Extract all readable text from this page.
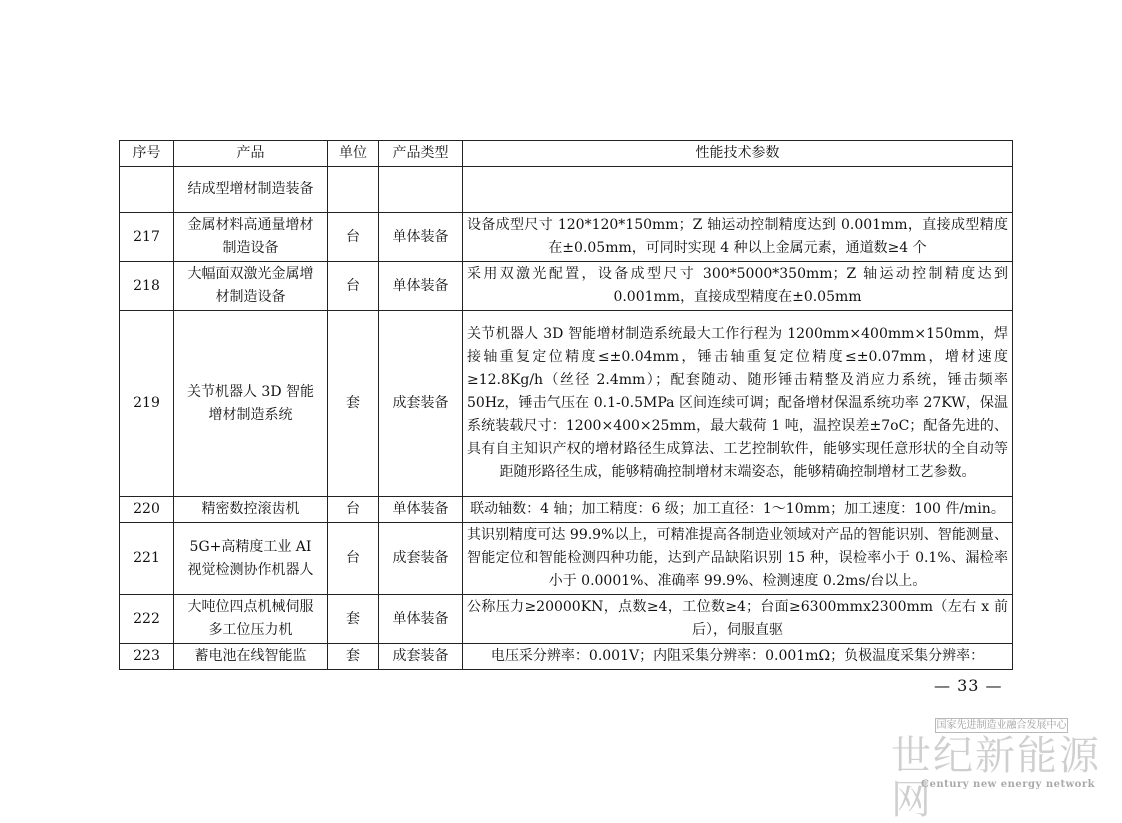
序号	产品	单位	产品类型	性能技术参数
	结成型增材制造装备			
217	金属材料高通量增材制造设备	台	单体装备	设备成型尺寸 120*120*150mm；Z 轴运动控制精度达到 0.001mm，直接成型精度在±0.05mm，可同时实现 4 种以上金属元素，通道数≥4 个
218	大幅面双激光金属增材制造设备	台	单体装备	采用双激光配置，设备成型尺寸 300*5000*350mm；Z 轴运动控制精度达到 0.001mm，直接成型精度在±0.05mm
219	关节机器人 3D 智能增材制造系统	套	成套装备	关节机器人 3D 智能增材制造系统最大工作行程为 1200mm×400mm×150mm，焊接轴重复定位精度≤±0.04mm，锤击轴重复定位精度≤±0.07mm，增材速度≥12.8Kg/h（丝径 2.4mm）；配套随动、随形锤击精整及消应力系统，锤击频率 50Hz，锤击气压在 0.1-0.5MPa 区间连续可调；配备增材保温系统功率 27KW，保温系统装载尺寸：1200×400×25mm，最大载荷 1 吨，温控误差±7oC；配备先进的、具有自主知识产权的增材路径生成算法、工艺控制软件，能够实现任意形状的全自动等距随形路径生成，能够精确控制增材末端姿态，能够精确控制增材工艺参数。
220	精密数控滚齿机	台	单体装备	联动轴数：4 轴；加工精度：6 级；加工直径：1～10mm；加工速度：100 件/min。
221	5G+高精度工业 AI 视觉检测协作机器人	台	成套装备	其识别精度可达 99.9%以上，可精准提高各制造业领域对产品的智能识别、智能测量、智能定位和智能检测四种功能，达到产品缺陷识别 15 种，误检率小于 0.1%、漏检率小于 0.0001%、准确率 99.9%、检测速度 0.2ms/台以上。
222	大吨位四点机械伺服多工位压力机	套	单体装备	公称压力≥20000KN，点数≥4，工位数≥4；台面≥6300mmx2300mm（左右 x 前后），伺服直驱
223	蓄电池在线智能监	套	成套装备	电压采分辨率：0.001V；内阻采集分辨率：0.001mΩ；负极温度采集分辨率：
— 33 —
国家先进制造业融合发展中心
世纪新能源网
Century new energy network
